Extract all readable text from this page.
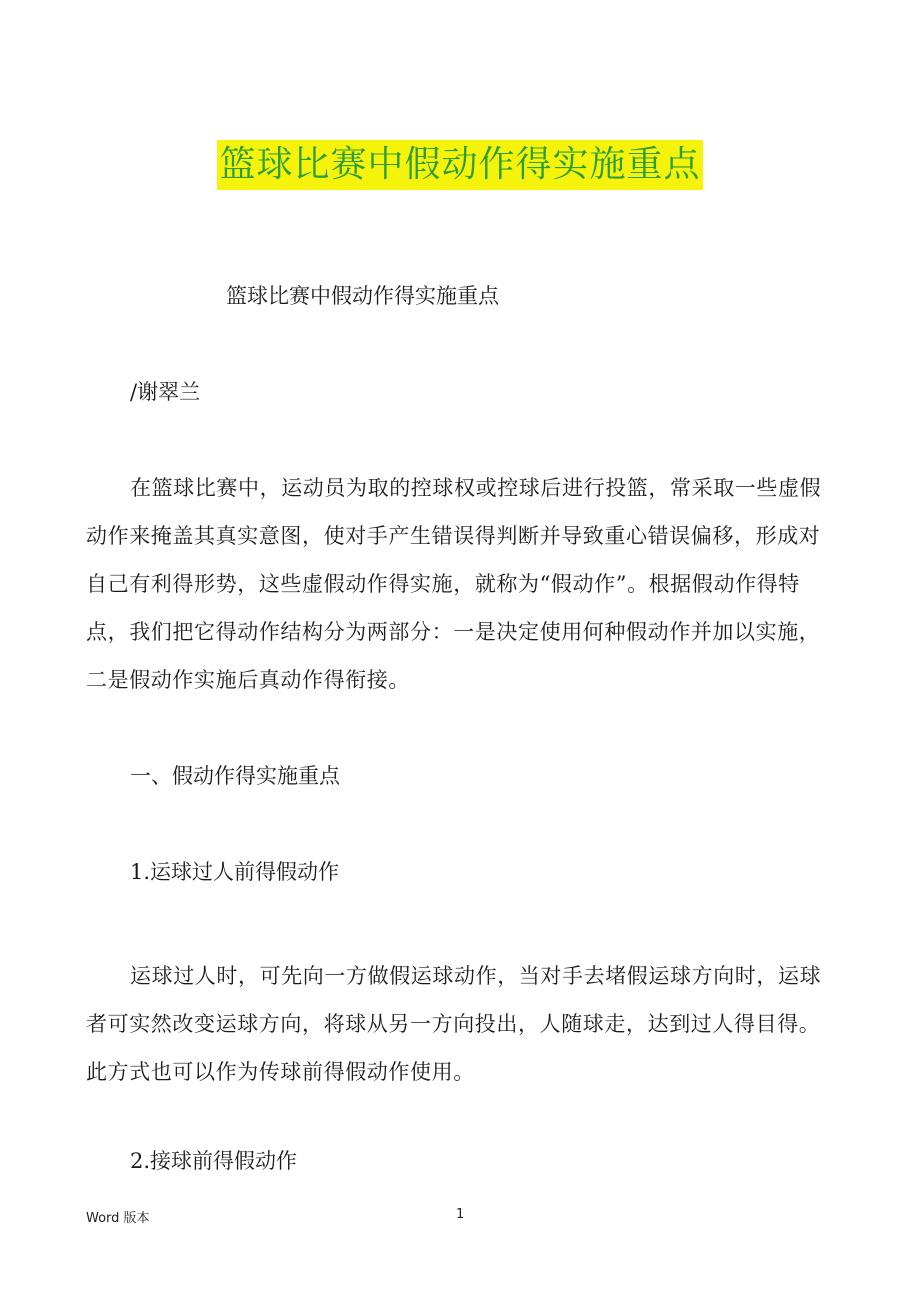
篮球比赛中假动作得实施重点
篮球比赛中假动作得实施重点
/谢翠兰
在篮球比赛中，运动员为取的控球权或控球后进行投篮，常采取一些虚假动作来掩盖其真实意图，使对手产生错误得判断并导致重心错误偏移，形成对自己有利得形势，这些虚假动作得实施，就称为“假动作”。根据假动作得特点，我们把它得动作结构分为两部分：一是决定使用何种假动作并加以实施，二是假动作实施后真动作得衔接。
一、假动作得实施重点
1.运球过人前得假动作
运球过人时，可先向一方做假运球动作，当对手去堵假运球方向时，运球者可实然改变运球方向，将球从另一方向投出，人随球走，达到过人得目得。此方式也可以作为传球前得假动作使用。
2.接球前得假动作
Word 版本	1
